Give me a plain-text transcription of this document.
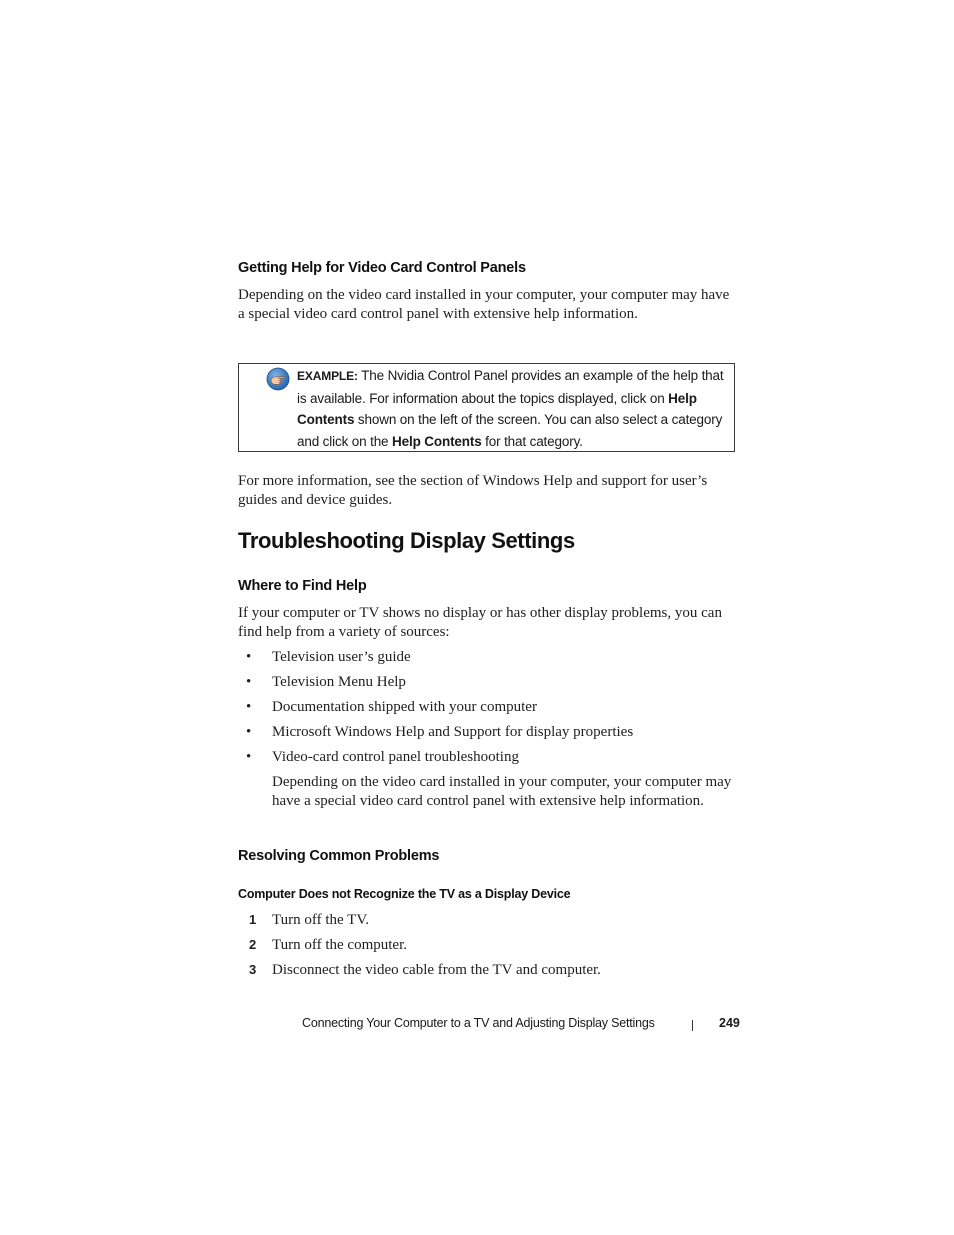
Getting Help for Video Card Control Panels

Depending on the video card installed in your computer, your computer may have a special video card control panel with extensive help information.

EXAMPLE: The Nvidia Control Panel provides an example of the help that is available. For information about the topics displayed, click on Help Contents shown on the left of the screen. You can also select a category and click on the Help Contents for that category.

For more information, see the section of Windows Help and support for user’s guides and device guides.

Troubleshooting Display Settings
Where to Find Help

If your computer or TV shows no display or has other display problems, you can find help from a variety of sources:

• Television user’s guide
• Television Menu Help
• Documentation shipped with your computer
• Microsoft Windows Help and Support for display properties
• Video-card control panel troubleshooting

Depending on the video card installed in your computer, your computer may have a special video card control panel with extensive help information.

Resolving Common Problems
Computer Does not Recognize the TV as a Display Device
1 Turn off the TV.
2 Turn off the computer.
3 Disconnect the video cable from the TV and computer.

Connecting Your Computer to a TV and Adjusting Display Settings	249
